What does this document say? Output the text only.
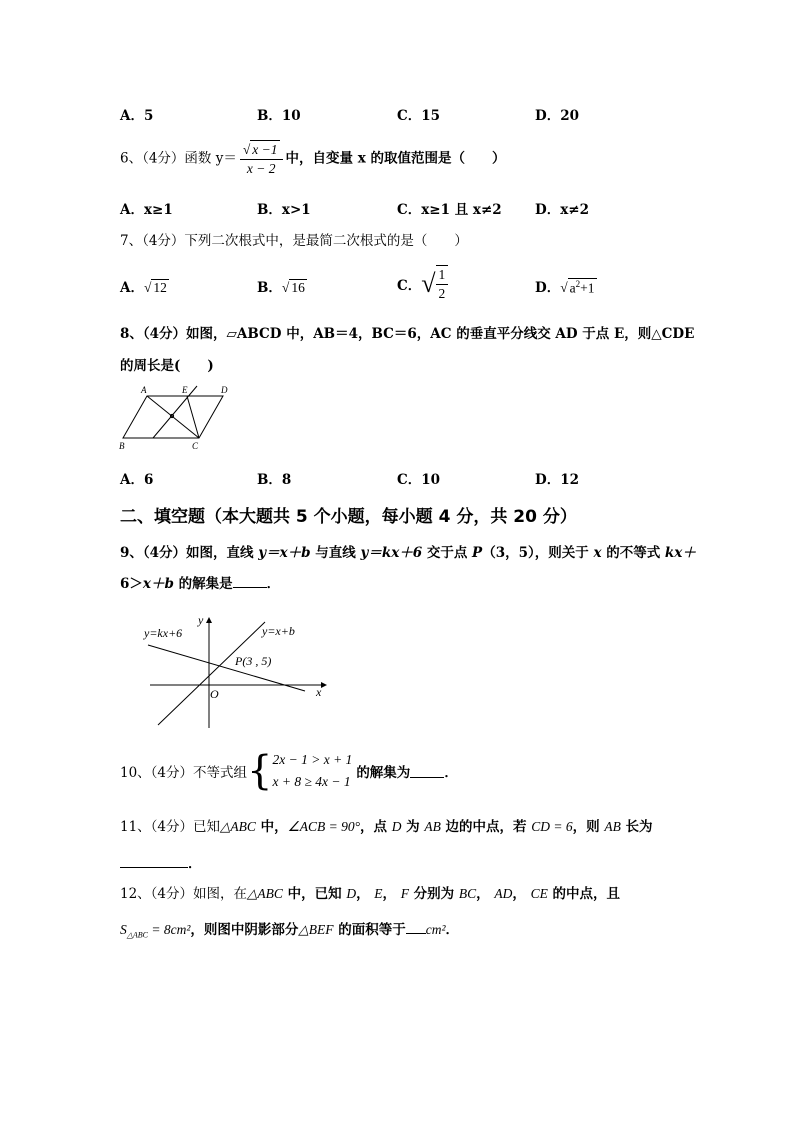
A．5	B．10	C．15	D．20
6、（4分）函数 $y= \frac{√ x -1}{x - 2}$ 中，自变量 x 的取值范围是（　　）
A．x≥1	B．x>1	C．x≥1 且 x≠2 D．x≠2
7、（4分）下列二次根式中，是最简二次根式的是（　　）
A．√ 12	B．√ 16	C．√ $\frac{1}{2}$	D．√ $a^2+1$
8、（4分）如图，▱ABCD 中，AB＝4，BC＝6，AC 的垂直平分线交 AD 于点 E，则△CDE
的周长是(　　)
A	E	D
B	C
A．6	B．8	C．10	D．12
二、填空题（本大题共 5 个小题，每小题 4 分，共 20 分）
9、（4分）如图，直线 y＝x＋b 与直线 y＝kx＋6 交于点 P（3，5），则关于 x 的不等式 kx＋
6＞x＋b 的解集是	．
y=kx+6	y=x+b
y
x
O
P(3 , 5)
10、（4分）不等式组 { 2x − 1 > x + 1
x + 8 ≥ 4x − 1
的解集为	．
11、（4分）已知△ABC 中，∠ACB = 90°，点 D 为 AB 边的中点，若 CD = 6，则 AB 长为
．
12、（4分）如图，在△ABC 中，已知 D， E， F 分别为 BC， AD， CE 的中点，且
$S_{\triangle ABC} = 8cm^2$，则图中阴影部分△BEF 的面积等于 cm²．
